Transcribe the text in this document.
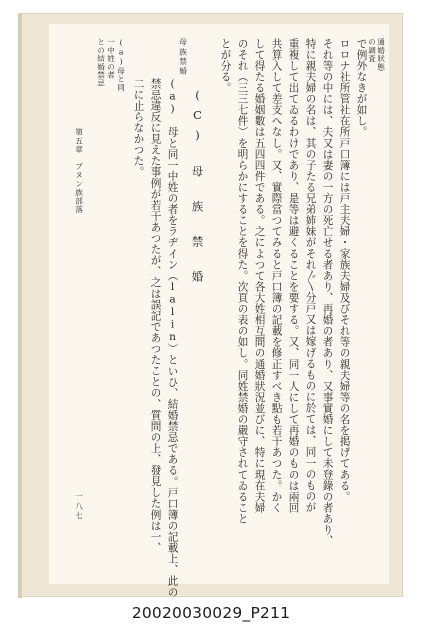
通婚狀態
の調査
で例外なきが如し。
ロロナ社所管社在所戸口簿には戸主夫婦・家族夫婦及びそれ等の親夫婦等の名を掲げてある。
それ等の中には、夫又は妻の一方の死亡せる者あり、再婚の者あり、又事實婚にして未登錄の者あり、
特に親夫婦の名は、其の子たる兄弟姉妹がそれ〴〵分戸又は嫁げるものに於ては、同一のものが
重複して出てゐるわけであり、是等は避くることを要する。又、同一人にして再婚のものは兩回
共算入して差支へなし。又、實際當つてみると戸口簿の記載を修正すべき點も若干あつた。かく
して得たる婚姻數は五四四件である。之によつて各大姓相互間の通婚狀況並びに、特に現在夫婦
のそれ（三三七件）を明らかにすることを得た。次頁の表の如し。同姓禁婚の嚴守されてゐること
とが分る。
母族禁婚
(C)　母　族　禁　婚
(a)　母と同一中姓の者をラヂイン（lalin）といひ、結婚禁忌である。戸口簿の記載上、此の
禁忌違反に見えた事例が若干あつたが、之は誤記であつたことの、質問の上、發見した例は一、
二に止らなかつた。
(a)母と同
一中姓の者
との結婚禁忌
第五章　ブヌン族部落
一八七
20020030029_P211
